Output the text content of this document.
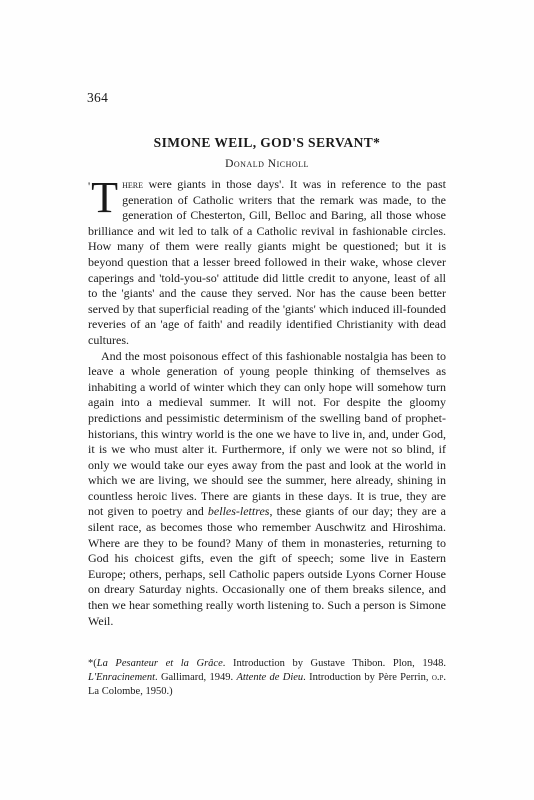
364
SIMONE WEIL, GOD'S SERVANT*
Donald Nicholl

'T here were giants in those days'. It was in reference to the past generation of Catholic writers that the remark was made, to the generation of Chesterton, Gill, Belloc and Baring, all those whose brilliance and wit led to talk of a Catholic revival in fashionable circles. How many of them were really giants might be questioned; but it is beyond question that a lesser breed followed in their wake, whose clever caperings and 'told-you-so' attitude did little credit to anyone, least of all to the 'giants' and the cause they served. Nor has the cause been better served by that superficial reading of the 'giants' which induced ill-founded reveries of an 'age of faith' and readily identified Christianity with dead cultures.

And the most poisonous effect of this fashionable nostalgia has been to leave a whole generation of young people thinking of themselves as inhabiting a world of winter which they can only hope will somehow turn again into a medieval summer. It will not. For despite the gloomy predictions and pessimistic determinism of the swelling band of prophet-historians, this wintry world is the one we have to live in, and, under God, it is we who must alter it. Furthermore, if only we were not so blind, if only we would take our eyes away from the past and look at the world in which we are living, we should see the summer, here already, shining in countless heroic lives. There are giants in these days. It is true, they are not given to poetry and belles-lettres, these giants of our day; they are a silent race, as becomes those who remember Auschwitz and Hiroshima. Where are they to be found? Many of them in monasteries, returning to God his choicest gifts, even the gift of speech; some live in Eastern Europe; others, perhaps, sell Catholic papers outside Lyons Corner House on dreary Saturday nights. Occasionally one of them breaks silence, and then we hear something really worth listening to. Such a person is Simone Weil.

*(La Pesanteur et la Grâce. Introduction by Gustave Thibon. Plon, 1948. L'Enracinement. Gallimard, 1949. Attente de Dieu. Introduction by Père Perrin, o.p. La Colombe, 1950.)
